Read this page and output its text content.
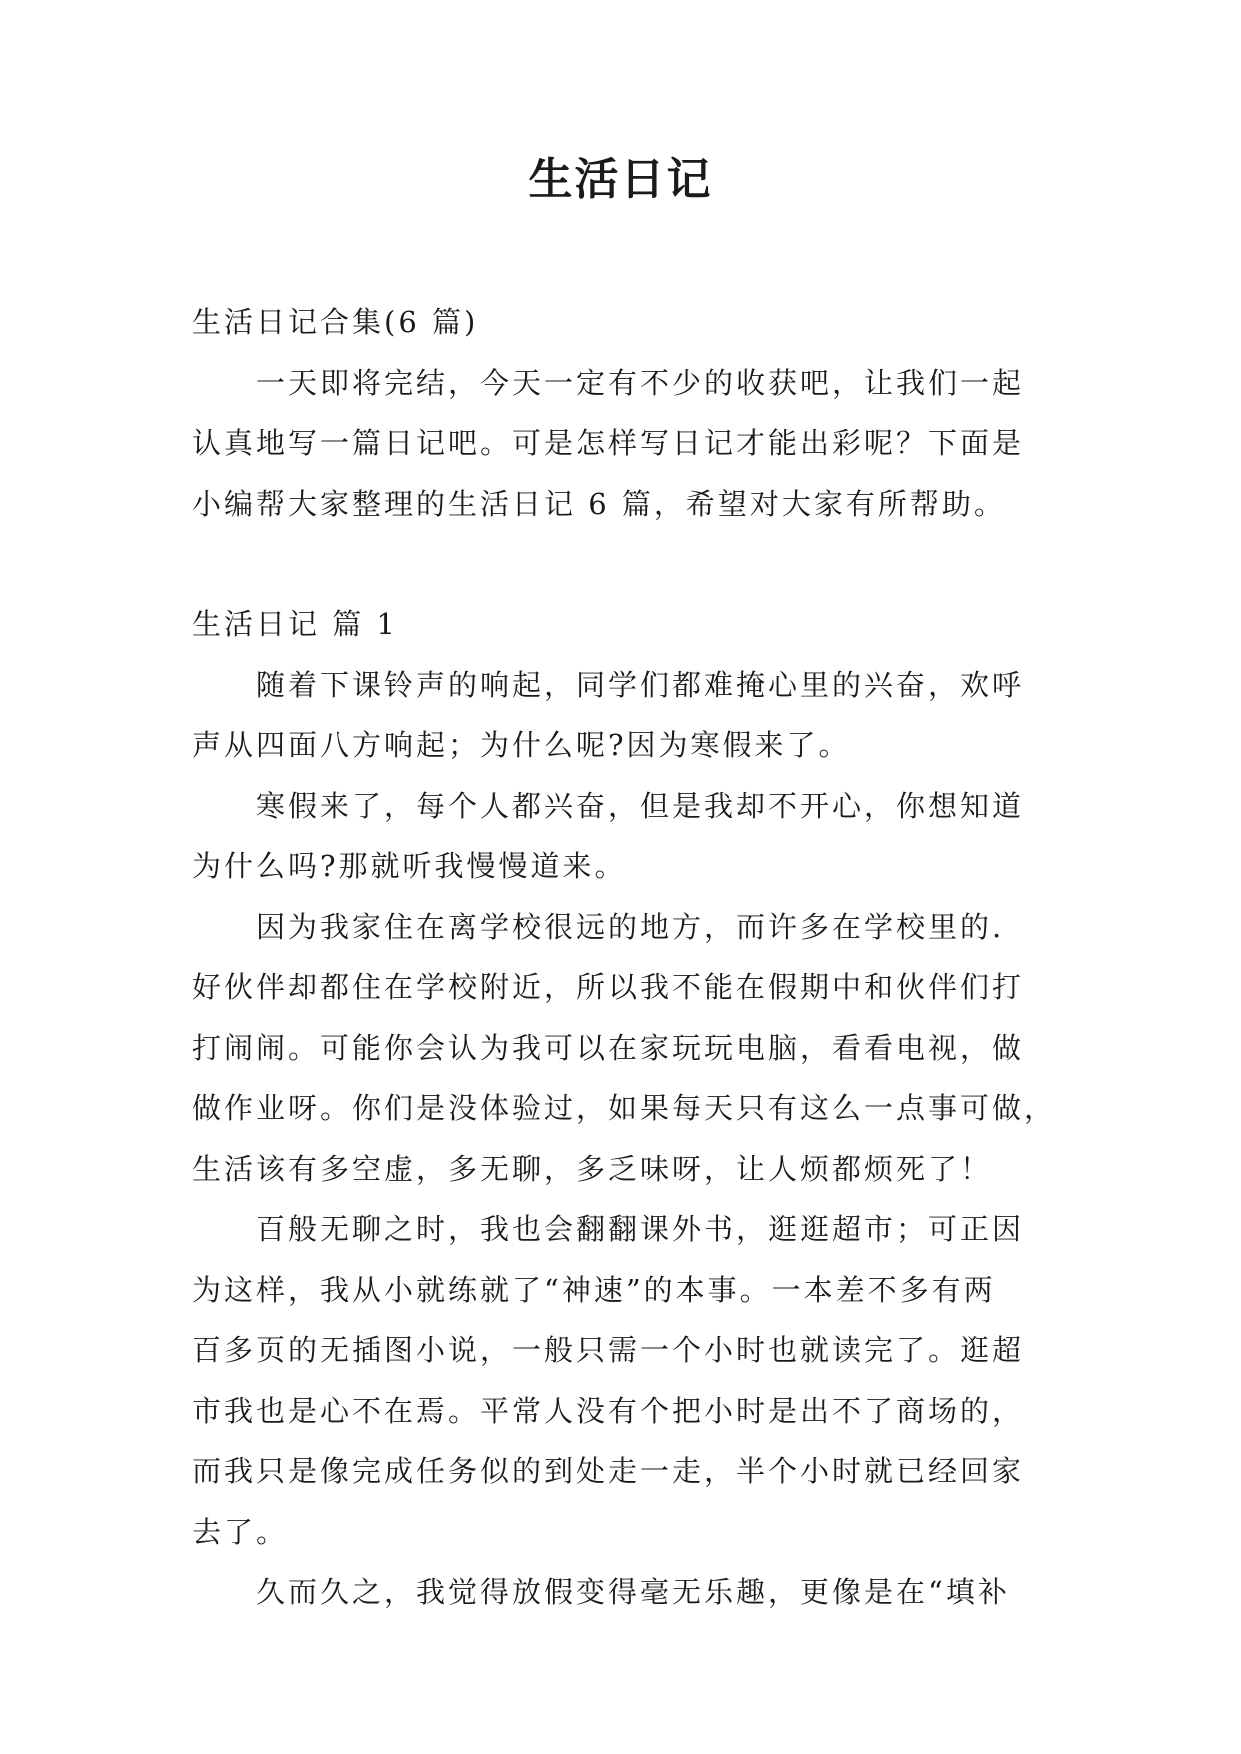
生活日记
生活日记合集(6 篇)
一天即将完结，今天一定有不少的收获吧，让我们一起
认真地写一篇日记吧。可是怎样写日记才能出彩呢？下面是
小编帮大家整理的生活日记 6 篇，希望对大家有所帮助。
生活日记 篇 1
随着下课铃声的响起，同学们都难掩心里的兴奋，欢呼
声从四面八方响起；为什么呢?因为寒假来了。
寒假来了，每个人都兴奋，但是我却不开心，你想知道
为什么吗?那就听我慢慢道来。
因为我家住在离学校很远的地方，而许多在学校里的.
好伙伴却都住在学校附近，所以我不能在假期中和伙伴们打
打闹闹。可能你会认为我可以在家玩玩电脑，看看电视，做
做作业呀。你们是没体验过，如果每天只有这么一点事可做，
生活该有多空虚，多无聊，多乏味呀，让人烦都烦死了！
百般无聊之时，我也会翻翻课外书，逛逛超市；可正因
为这样，我从小就练就了“神速”的本事。一本差不多有两
百多页的无插图小说，一般只需一个小时也就读完了。逛超
市我也是心不在焉。平常人没有个把小时是出不了商场的，
而我只是像完成任务似的到处走一走，半个小时就已经回家
去了。
久而久之，我觉得放假变得毫无乐趣，更像是在“填补
